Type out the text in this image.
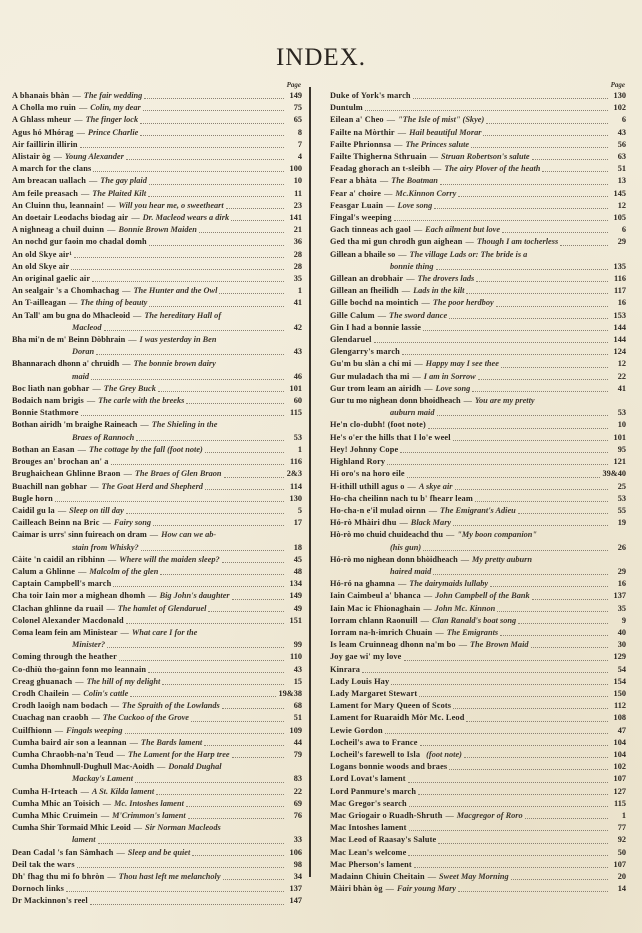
INDEX.
Page
A bhanais bhàn — The fair wedding	149
A Cholla mo ruin — Colin, my dear	75
A Ghlass mheur — The finger lock	65
Agus hó Mhórag — Prince Charlie	8
Air faillirin illirin	7
Alistair òg — Young Alexander	4
A march for the clans	100
Am breacan uallach — The gay plaid	10
Am feile preasach — The Plaited Kilt	11
An Cluinn thu, leannain! — Will you hear me, o sweetheart	23
An doetair Leodachs biodag air — Dr. Macleod wears a dirk	141
A nighneag a chuil duinn — Bonnie Brown Maiden	21
An nochd gur faoin mo chadal domh	36
An old Skye air¹	28
An old Skye air	28
An original gaelic air	35
An sealgair 's a Chomhachag — The Hunter and the Owl	1
An T-ailleagan — The thing of beauty	41
An Tall' am bu gna do Mhacleoid — The hereditary Hall of
Macleod	42
Bha mi'n de m' Beinn Dòbhrain — I was yesterday in Ben
Doran	43
Bhannarach dhonn a' chruidh — The bonnie brown dairy
maid	46
Boc liath nan gobhar — The Grey Buck	101
Bodaich nam brigis — The carle with the breeks	60
Bonnie Stathmore	115
Bothan airidh 'm braighe Raineach — The Shieling in the
Braes of Rannoch	53
Bothan an Easan — The cottage by the fall (foot note)	1
Brouges an' brochan an' a	116
Brughaichean Ghlinne Braon — The Braes of Glen Braon	2&3
Buachill nan gobhar — The Goat Herd and Shepherd	114
Bugle horn	130
Caidil gu la — Sleep on till day	5
Cailleach Beinn na Bric — Fairy song	17
Caimar is urrs' sinn fuireach on dram — How can we ab-
stain from Whisky?	18
Càite 'n caidil an ribhinn — Where will the maiden sleep?	45
Calum a Ghlinne — Malcolm of the glen	48
Captain Campbell's march	134
Cha toir Iain mor a mighean dhomh — Big John's daughter	149
Clachan ghlinne da ruail — The hamlet of Glendaruel	49
Colonel Alexander Macdonald	151
Coma leam fein am Ministear — What care I for the
Minister?	99
Coming through the heather	110
Co-dhiù tho-gainn fonn mo leannain	43
Creag ghuanach — The hill of my delight	15
Crodh Chailein — Colin's cattle	19&38
Crodh laoigh nam bodach — The Spraith of the Lowlands	68
Cuachag nan craobh — The Cuckoo of the Grove	51
Cuilfhionn — Fingals weeping	109
Cumha baird air son a leannan — The Bards lament	44
Cumha Chraobh-na'n Teud — The Lament for the Harp tree	79
Cumha Dhomhnull-Dughull Mac-Aoidh — Donald Dughal
Mackay's Lament	83
Cumha H-Irteach — A St. Kilda lament	22
Cumha Mhic an Toisich — Mc. Intoshes lament	69
Cumha Mhic Cruimein — M'Crimmon's lament	76
Cumha Shir Tormaid Mhic Leoid — Sir Norman Macleods
lament	33
Dean Cadal 's fan Sàmhach — Sleep and be quiet	106
Deil tak the wars	98
Dh' fhag thu mi fo bhròn — Thou hast left me melancholy	34
Dornoch links	137
Dr Mackinnon's reel	147
Page
Duke of York's march	130
Duntulm	102
Eilean a' Cheo — "The Isle of mist" (Skye)	6
Failte na Mòrthir — Hail beautiful Morar	43
Failte Phrionnsa — The Princes salute	56
Failte Thigherna Sthruain — Struan Robertson's salute	63
Feadag ghorach an t-sleibh — The airy Plover of the heath	51
Fear a bhàta — The Boatman	13
Fear a' choire — Mc.Kinnon Corry	145
Feasgar Luain — Love song	12
Fingal's weeping	105
Gach tinneas ach gaol — Each ailment but love	6
Ged tha mi gun chrodh gun aighean — Though I am tocherless	29
Gillean a bhaile so — The village Lads or: The bride is a
bonnie thing	135
Gillean an drobhair — The drovers lads	116
Gillean an fheilidh — Lads in the kilt	117
Gille bochd na mointich — The poor herdboy	16
Gille Calum — The sword dance	153
Gin I had a bonnie lassie	144
Glendaruel	144
Glengarry's march	124
Gu'm bu slàn a chi mi — Happy may I see thee	12
Gur muladach tha mi — I am in Sorrow	22
Gur trom leam an airidh — Love song	41
Gur tu mo nighean donn bhoidheach — You are my pretty
auburn maid	53
He'n clo-dubh! (foot note)	10
He's o'er the hills that I lo'e weel	101
Hey! Johnny Cope	95
Highland Rory	121
Hi oro's na horo eile	39&40
H-ithill uthill agus o — A skye air	25
Ho-cha cheilinn nach tu b' fhearr leam	53
Ho-cha-n e'il mulad oirnn — The Emigrant's Adieu	55
Hó-rò Mhàiri dhu — Black Mary	19
Hò-rò mo chuid chuideachd thu — "My boon companion"
(his gun)	26
Hó-rò mo nighean donn bhòidheach — My pretty auburn
haired maid	29
Hó-ró na ghamna — The dairymaids lullaby	16
Iain Caimbeul a' bhanca — John Campbell of the Bank	137
Iain Mac ic Fhionaghain — John Mc. Kinnon	35
Iorram chlann Raonuill — Clan Ranald's boat song	9
Iorram na-h-imrich Chuain — The Emigrants	40
Is leam Cruinneag dhonn na'm bo — The Brown Maid	30
Joy gae wi' my love	129
Kinrara	54
Lady Louis Hay	154
Lady Margaret Stewart	150
Lament for Mary Queen of Scots	112
Lament for Ruaraidh Mòr Mc. Leod	108
Lewie Gordon	47
Locheil's awa to France	104
Locheil's farewell to Isla (foot note)	104
Logans bonnie woods and braes	102
Lord Lovat's lament	107
Lord Panmure's march	127
Mac Gregor's search	115
Mac Griogair o Ruadh-Shruth — Macgregor of Roro	1
Mac Intoshes lament	77
Mac Leod of Raasay's Salute	92
Mac Lean's welcome	50
Mac Pherson's lament	107
Madainn Chiuin Cheitain — Sweet May Morning	20
Màiri bhàn òg — Fair young Mary	14
